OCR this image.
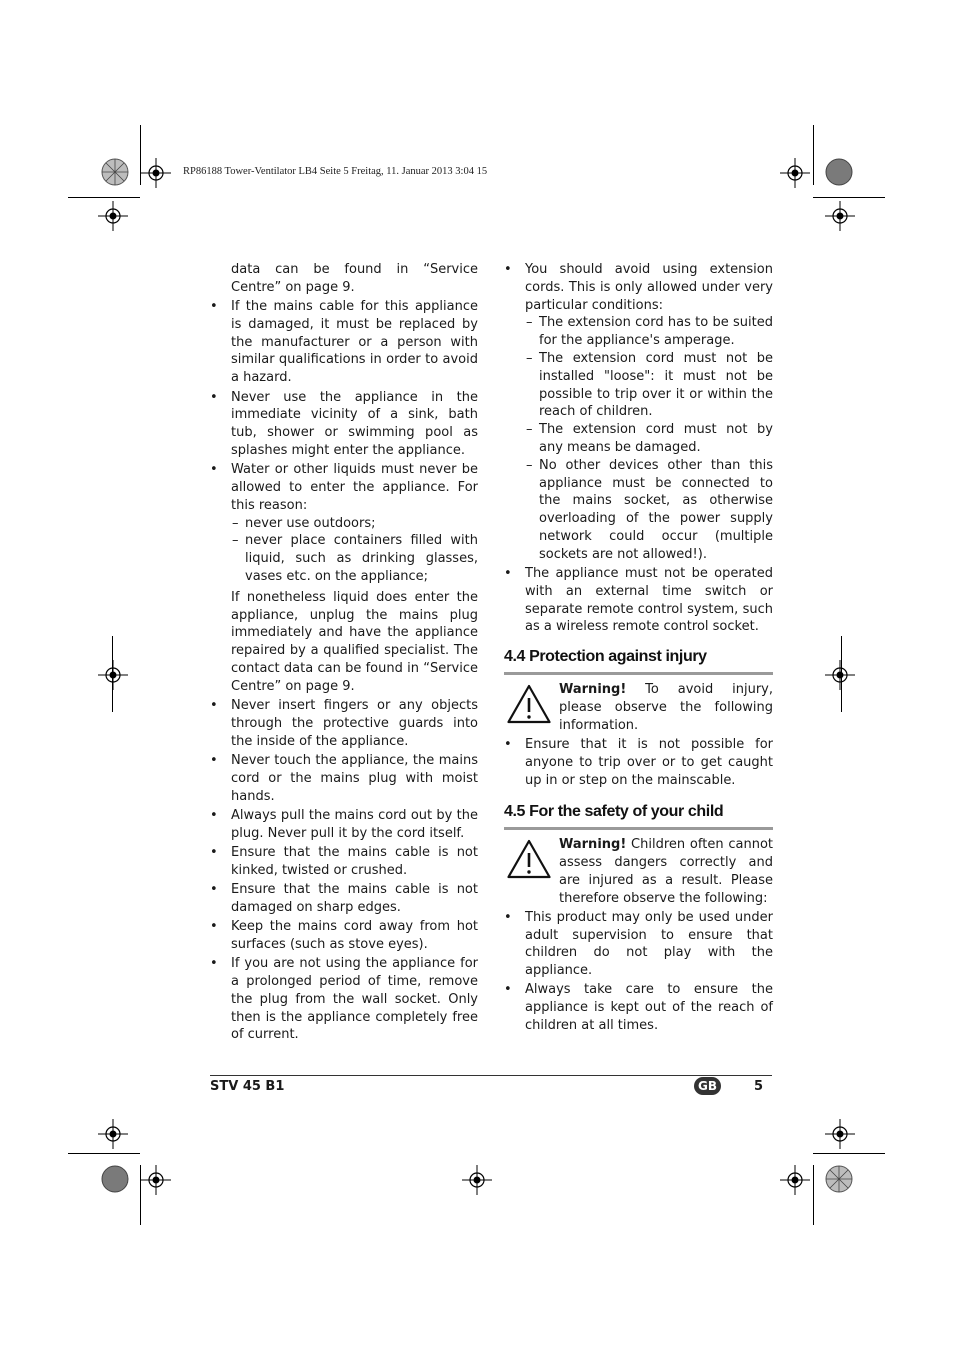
RP86188 Tower-Ventilator LB4 Seite 5 Freitag, 11. Januar 2013 3:04 15

data can be found in “Service Centre” on page 9.

• If the mains cable for this appliance is damaged, it must be replaced by the manufacturer or a person with similar qualifications in order to avoid a hazard.
• Never use the appliance in the immediate vicinity of a sink, bath tub, shower or swimming pool as splashes might enter the appliance.
• Water or other liquids must never be allowed to enter the appliance. For this reason:
– never use outdoors;
– never place containers filled with liquid, such as drinking glasses, vases etc. on the appliance;

If nonetheless liquid does enter the appliance, unplug the mains plug immediately and have the appliance repaired by a qualified specialist. The contact data can be found in “Service Centre” on page 9.

• Never insert fingers or any objects through the protective guards into the inside of the appliance.
• Never touch the appliance, the mains cord or the mains plug with moist hands.
• Always pull the mains cord out by the plug. Never pull it by the cord itself.
• Ensure that the mains cable is not kinked, twisted or crushed.
• Ensure that the mains cable is not damaged on sharp edges.
• Keep the mains cord away from hot surfaces (such as stove eyes).
• If you are not using the appliance for a prolonged period of time, remove the plug from the wall socket. Only then is the appliance completely free of current.
• You should avoid using extension cords. This is only allowed under very particular conditions:
– The extension cord has to be suited for the appliance's amperage.
– The extension cord must not be installed "loose": it must not be possible to trip over it or within the reach of children.
– The extension cord must not by any means be damaged.
– No other devices other than this appliance must be connected to the mains socket, as otherwise overloading of the power supply network could occur (multiple sockets are not allowed!).
• The appliance must not be operated with an external time switch or separate remote control system, such as a wireless remote control socket.
4.4 Protection against injury

Warning! To avoid injury, please observe the following information.

• Ensure that it is not possible for anyone to trip over or to get caught up in or step on the mainscable.
4.5 For the safety of your child

Warning! Children often cannot assess dangers correctly and are injured as a result. Please therefore observe the following:

• This product may only be used under adult supervision to ensure that children do not play with the appliance.
• Always take care to ensure the appliance is kept out of the reach of children at all times.
STV 45 B1	GB	5
